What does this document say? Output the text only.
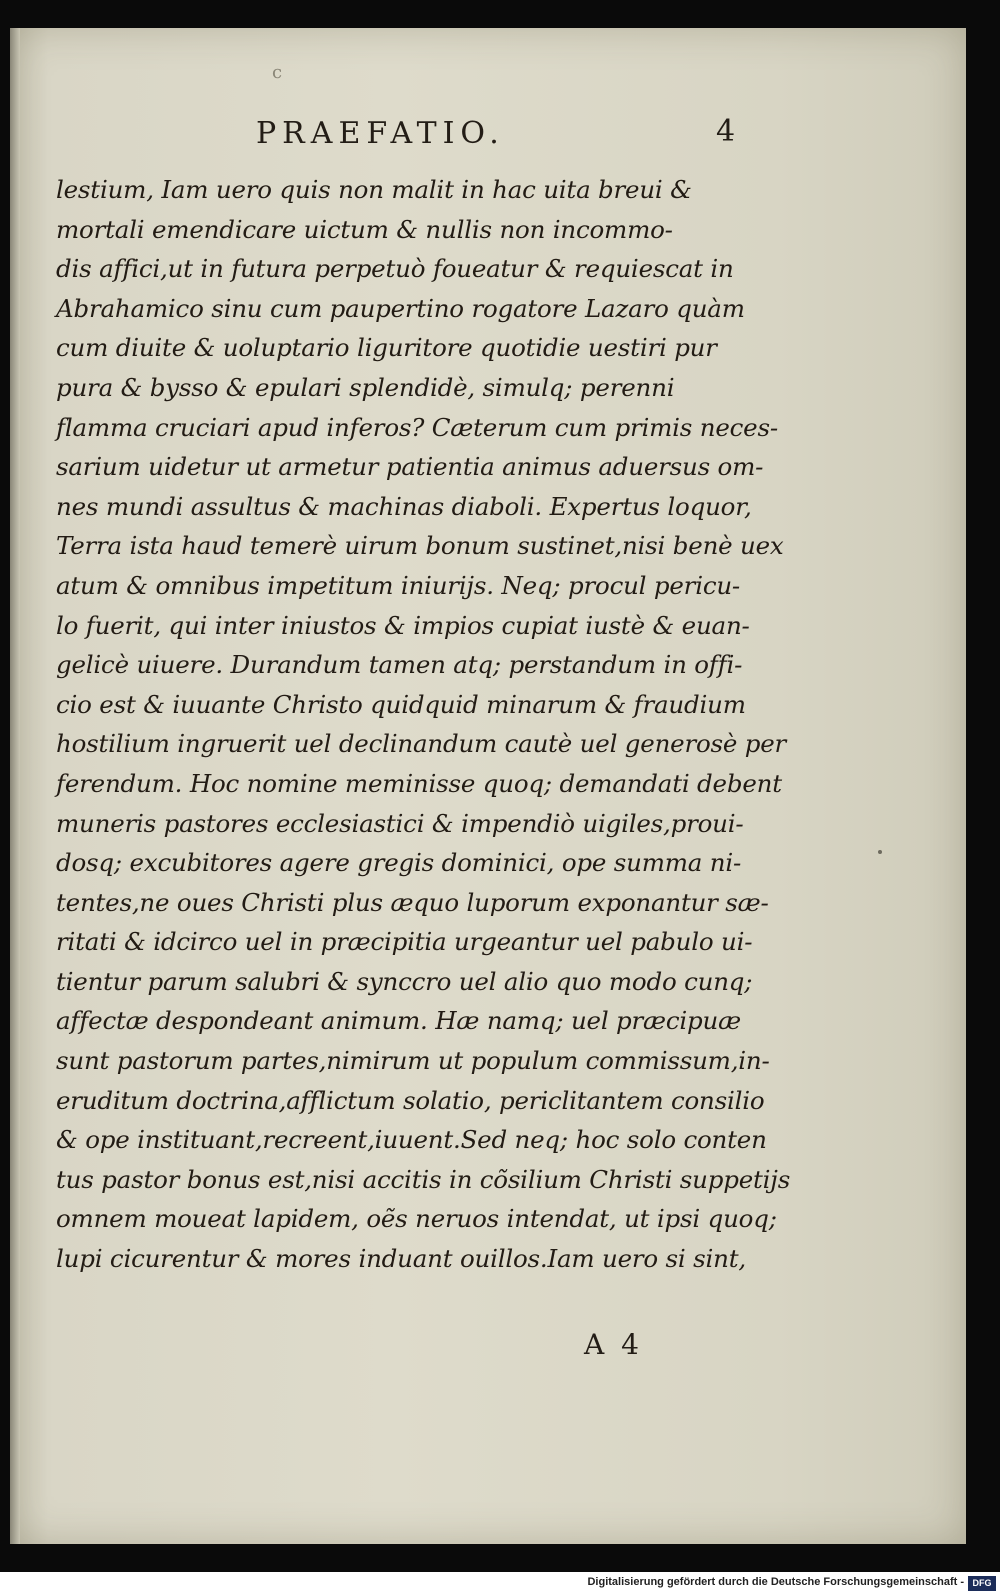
c
PRAEFATIO.	4
lestium, Iam uero quis non malit in hac uita breui &
mortali emendicare uictum & nullis non incommo-
dis affici,ut in futura perpetuò foueatur & requiescat in
Abrahamico sinu cum paupertino rogatore Lazaro quàm
cum diuite & uoluptario liguritore quotidie uestiri pur
pura & bysso & epulari splendidè, simulq; perenni
flamma cruciari apud inferos? Cæterum cum primis neces-
sarium uidetur ut armetur patientia animus aduersus om-
nes mundi assultus & machinas diaboli. Expertus loquor,
Terra ista haud temerè uirum bonum sustinet,nisi benè uex
atum & omnibus impetitum iniurijs. Neq; procul pericu-
lo fuerit, qui inter iniustos & impios cupiat iustè & euan-
gelicè uiuere. Durandum tamen atq; perstandum in offi-
cio est & iuuante Christo quidquid minarum & fraudium
hostilium ingruerit uel declinandum cautè uel generosè per
ferendum. Hoc nomine meminisse quoq; demandati debent
muneris pastores ecclesiastici & impendiò uigiles,proui-
dosq; excubitores agere gregis dominici, ope summa ni-
tentes,ne oues Christi plus æquo luporum exponantur sæ-
ritati & idcirco uel in præcipitia urgeantur uel pabulo ui-
tientur parum salubri & synccro uel alio quo modo cunq;
affectæ despondeant animum. Hæ namq; uel præcipuæ
sunt pastorum partes,nimirum ut populum commissum,in-
eruditum doctrina,afflictum solatio, periclitantem consilio
& ope instituant,recreent,iuuent.Sed neq; hoc solo conten
tus pastor bonus est,nisi accitis in cõsilium Christi suppetijs
omnem moueat lapidem, oẽs neruos intendat, ut ipsi quoq;
lupi cicurentur & mores induant ouillos.Iam uero si sint,
A 4
Digitalisierung gefördert durch die Deutsche Forschungsgemeinschaft - DFG
